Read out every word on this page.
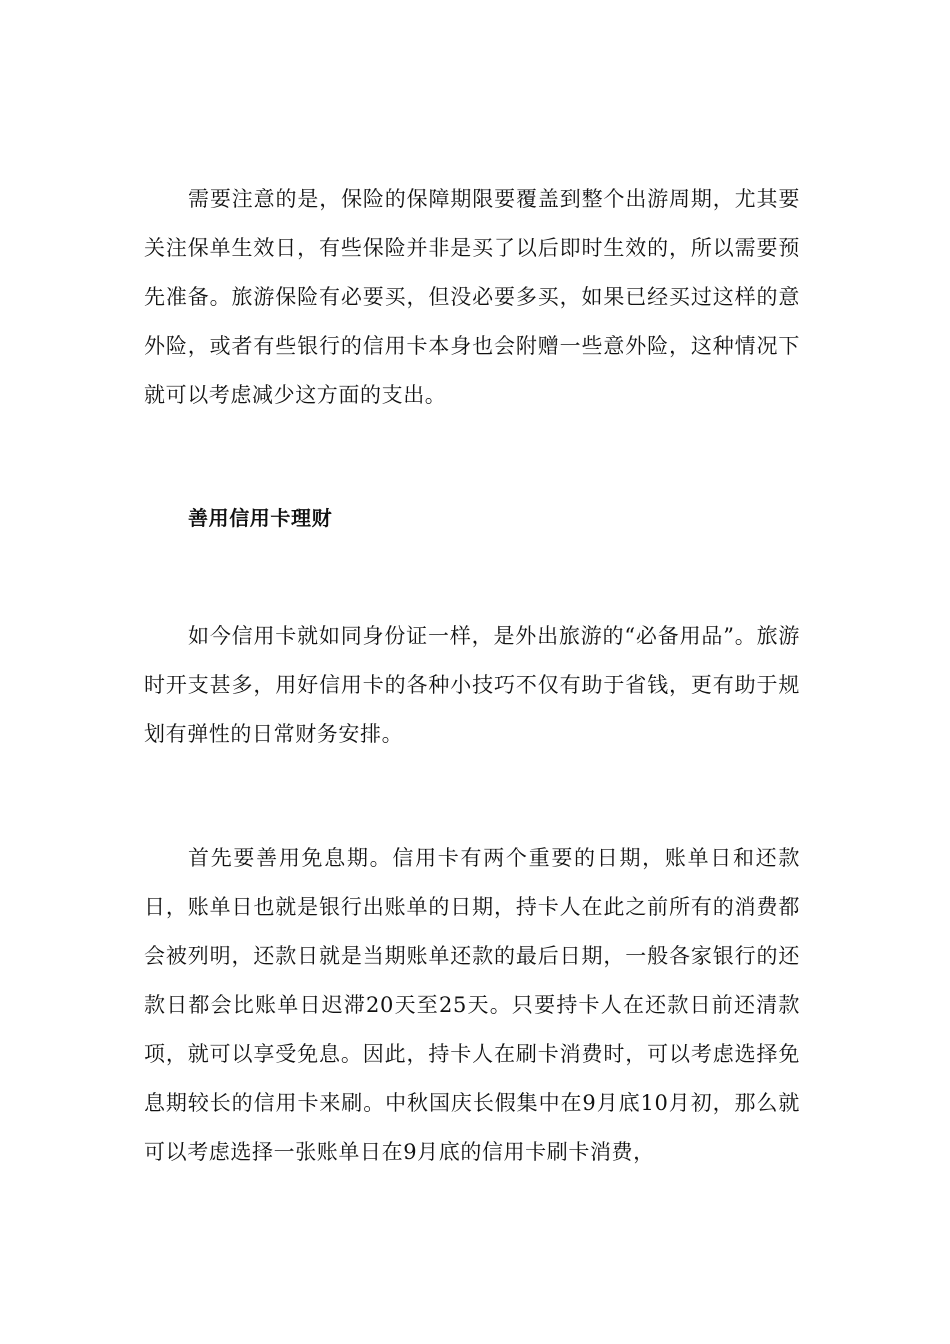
需要注意的是，保险的保障期限要覆盖到整个出游周期，尤其要关注保单生效日，有些保险并非是买了以后即时生效的，所以需要预先准备。旅游保险有必要买，但没必要多买，如果已经买过这样的意外险，或者有些银行的信用卡本身也会附赠一些意外险，这种情况下就可以考虑减少这方面的支出。

善用信用卡理财

如今信用卡就如同身份证一样，是外出旅游的“必备用品”。旅游时开支甚多，用好信用卡的各种小技巧不仅有助于省钱，更有助于规划有弹性的日常财务安排。

首先要善用免息期。信用卡有两个重要的日期，账单日和还款日，账单日也就是银行出账单的日期，持卡人在此之前所有的消费都会被列明，还款日就是当期账单还款的最后日期，一般各家银行的还款日都会比账单日迟滞20天至25天。只要持卡人在还款日前还清款项，就可以享受免息。因此，持卡人在刷卡消费时，可以考虑选择免息期较长的信用卡来刷。中秋国庆长假集中在9月底10月初，那么就可以考虑选择一张账单日在9月底的信用卡刷卡消费，
